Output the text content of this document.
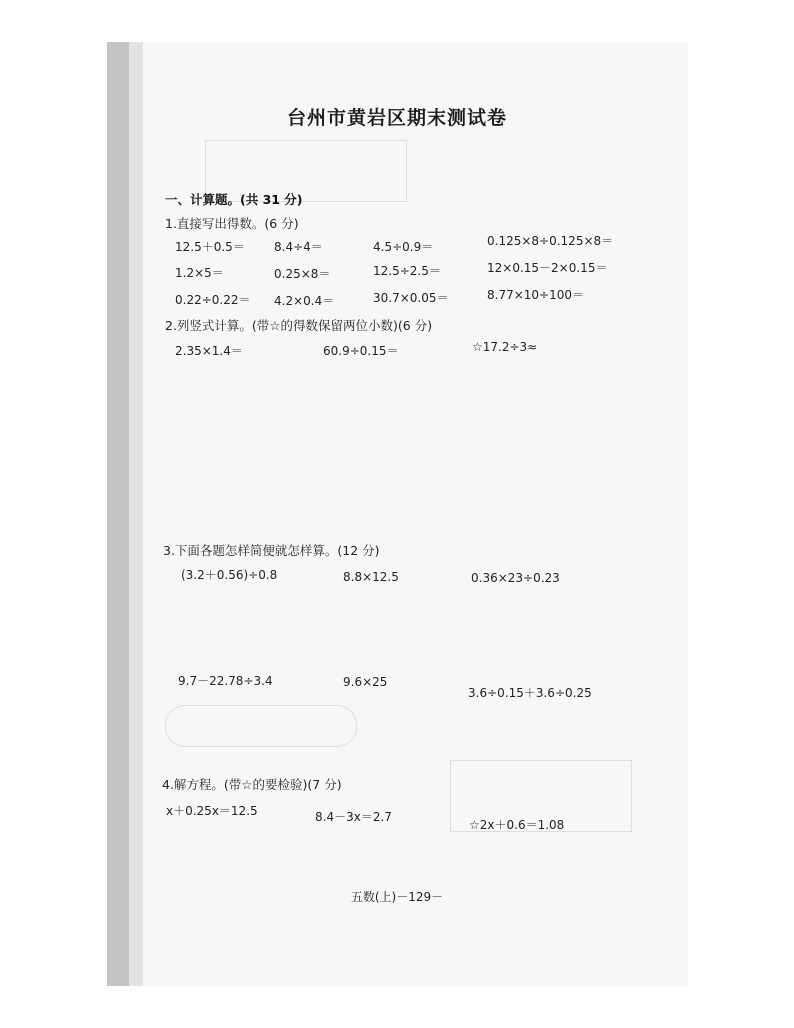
台州市黄岩区期末测试卷
一、计算题。(共 31 分)
1.直接写出得数。(6 分)
12.5＋0.5＝ 8.4÷4＝	4.5÷0.9＝	0.125×8÷0.125×8＝
1.2×5＝	0.25×8＝	12.5÷2.5＝	12×0.15－2×0.15＝
0.22÷0.22＝ 4.2×0.4＝	30.7×0.05＝	8.77×10÷100＝
2.列竖式计算。(带☆的得数保留两位小数)(6 分)
2.35×1.4＝	60.9÷0.15＝	☆17.2÷3≈
3.下面各题怎样简便就怎样算。(12 分)
(3.2＋0.56)÷0.8	8.8×12.5	0.36×23÷0.23
9.7－22.78÷3.4	9.6×25
3.6÷0.15＋3.6÷0.25
4.解方程。(带☆的要检验)(7 分)
x＋0.25x＝12.5	8.4－3x＝2.7
☆2x＋0.6＝1.08
五数(上)－129－
